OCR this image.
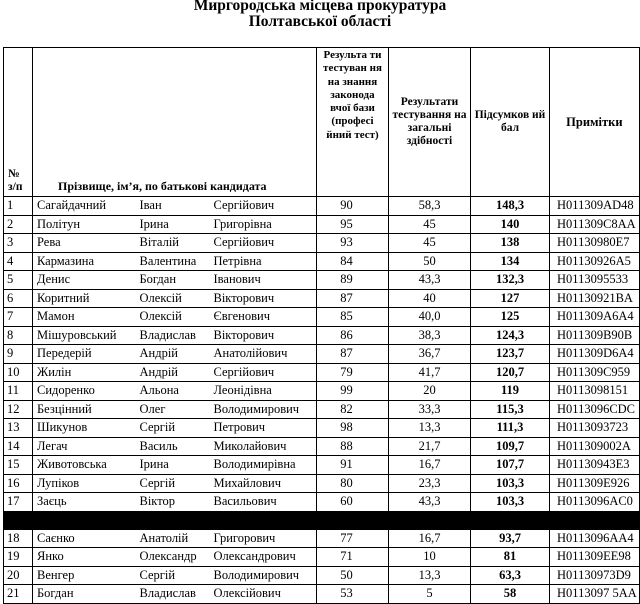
Миргородська місцева прокуратура
Полтавської області
№ з/п	Прізвище, ім’я, по батькові кандидата			Результа ти тестуван ня на знання законода вчої бази (професі йний тест)	Результати тестування на загальні здібності	Підсумков ий бал	Примітки
1	Сагайдачний	Іван	Сергійович	90	58,3	148,3	Н011309AD48
2	Політун	Ірина	Григорівна	95	45	140	Н011309C8AA
3	Рева	Віталій	Сергійович	93	45	138	Н01130980E7
4	Кармазина	Валентина	Петрівна	84	50	134	Н01130926A5
5	Денис	Богдан	Іванович	89	43,3	132,3	Н0113095533
6	Коритний	Олексій	Вікторович	87	40	127	Н01130921BA
7	Мамон	Олексій	Євгенович	85	40,0	125	Н011309A6A4
8	Мішуровський	Владислав	Вікторович	86	38,3	124,3	Н011309B90B
9	Передерій	Андрій	Анатолійович	87	36,7	123,7	Н011309D6A4
10	Жилін	Андрій	Сергійович	79	41,7	120,7	Н011309C959
11	Сидоренко	Альона	Леонідівна	99	20	119	Н0113098151
12	Безцінний	Олег	Володимирович	82	33,3	115,3	Н0113096CDC
13	Шикунов	Сергій	Петрович	98	13,3	111,3	Н0113093723
14	Легач	Василь	Миколайович	88	21,7	109,7	Н011309002A
15	Животовська	Ірина	Володимирівна	91	16,7	107,7	Н01130943E3
16	Лупіков	Сергій	Михайлович	80	23,3	103,3	Н011309E926
17	Заєць	Віктор	Васильович	60	43,3	103,3	Н0113096AC0

18	Саєнко	Анатолій	Григорович	77	16,7	93,7	Н0113096AA4
19	Янко	Олександр	Олександрович	71	10	81	Н011309EE98
20	Венгер	Сергій	Володимирович	50	13,3	63,3	Н01130973D9
21	Богдан	Владислав	Олексійович	53	5	58	Н0113097 5AA
